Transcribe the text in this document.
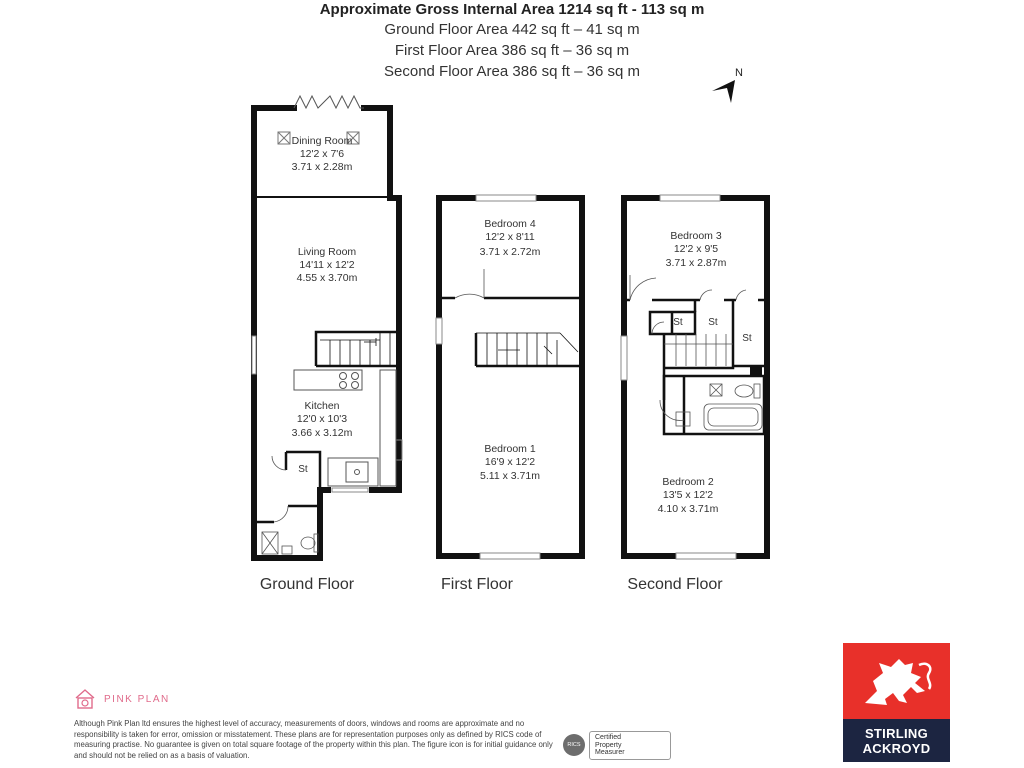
Approximate Gross Internal Area 1214 sq ft - 113 sq m
Ground Floor Area 442 sq ft – 41 sq m
First Floor Area 386 sq ft – 36 sq m
Second Floor Area 386 sq ft – 36 sq m	N
Dining Room
12'2 x 7'6
3.71 x 2.28m
Living Room
14'11 x 12'2
4.55 x 3.70m
Kitchen
12'0 x 10'3
3.66 x 3.12m
St
Ground Floor
Bedroom 4
12'2 x 8'11
3.71 x 2.72m
Bedroom 1
16'9 x 12'2
5.11 x 3.71m
First Floor
Bedroom 3
12'2 x 9'5
3.71 x 2.87m
St	St
St
Bedroom 2
13'5 x 12'2
4.10 x 3.71m
Second Floor
PINK PLAN
Although Pink Plan ltd ensures the highest level of accuracy, measurements of doors, windows and rooms are approximate and no responsibility is taken for error, omission or misstatement. These plans are for representation purposes only as defined by RICS code of measuring practise. No guarantee is given on total square footage of the property within this plan. The figure icon is for initial guidance only and should not be relied on as a basis of valuation.
RICS
Certified
Property
Measurer
STIRLING
ACKROYD
